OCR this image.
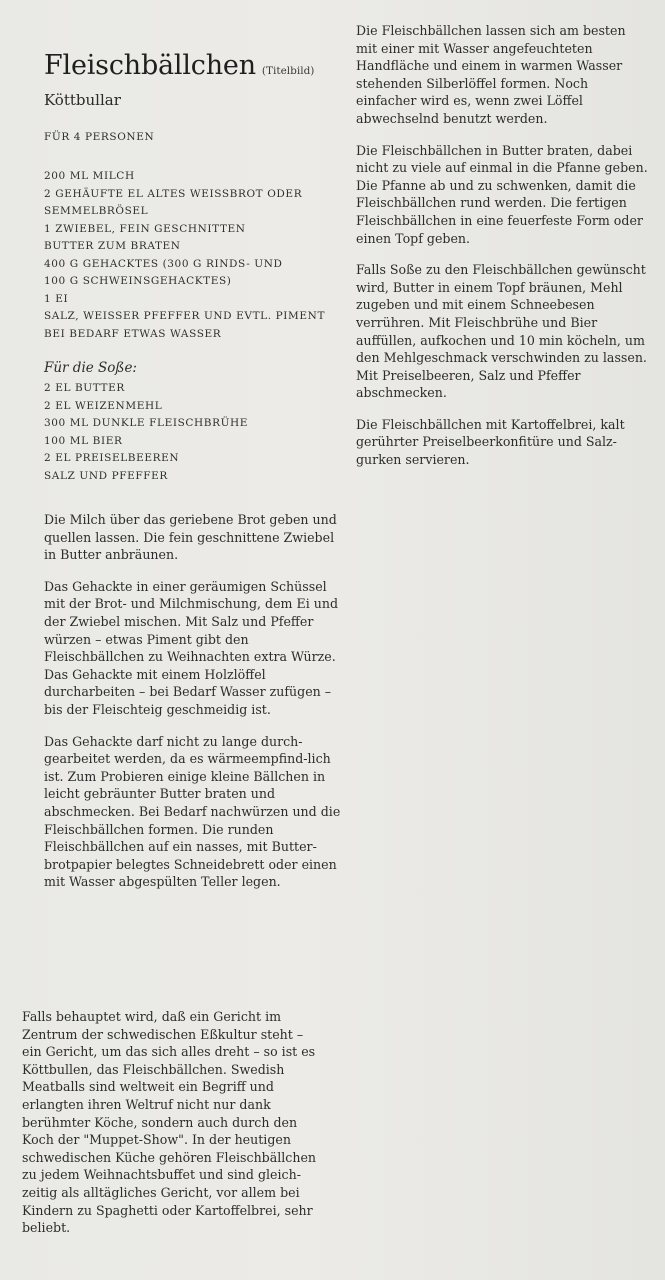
Fleischbällchen (Titelbild)
Köttbullar
FÜR 4 PERSONEN
200 ML MILCH
2 GEHÄUFTE EL ALTES WEISSBROT ODER
SEMMELBRÖSEL
1 ZWIEBEL, FEIN GESCHNITTEN
BUTTER ZUM BRATEN
400 G GEHACKTES (300 G RINDS- UND
100 G SCHWEINSGEHACKTES)
1 EI
SALZ, WEISSER PFEFFER UND EVTL. PIMENT
BEI BEDARF ETWAS WASSER
Für die Soße:
2 EL BUTTER
2 EL WEIZENMEHL
300 ML DUNKLE FLEISCHBRÜHE
100 ML BIER
2 EL PREISELBEEREN
SALZ UND PFEFFER

Die Milch über das geriebene Brot geben und quellen lassen. Die fein geschnittene Zwiebel in Butter anbräunen.

Das Gehackte in einer geräumigen Schüssel mit der Brot- und Milchmischung, dem Ei und der Zwiebel mischen. Mit Salz und Pfeffer würzen – etwas Piment gibt den Fleischbällchen zu Weihnachten extra Würze. Das Gehackte mit einem Holzlöffel durcharbeiten – bei Bedarf Wasser zufügen – bis der Fleischteig geschmeidig ist.

Das Gehackte darf nicht zu lange durch-gearbeitet werden, da es wärmeempfind-lich ist. Zum Probieren einige kleine Bällchen in leicht gebräunter Butter braten und abschmecken. Bei Bedarf nachwürzen und die Fleischbällchen formen. Die runden Fleischbällchen auf ein nasses, mit Butter-brotpapier belegtes Schneidebrett oder einen mit Wasser abgespülten Teller legen.

Falls behauptet wird, daß ein Gericht im Zentrum der schwedischen Eßkultur steht – ein Gericht, um das sich alles dreht – so ist es Köttbullen, das Fleischbällchen. Swedish Meatballs sind weltweit ein Begriff und erlangten ihren Weltruf nicht nur dank berühmter Köche, sondern auch durch den Koch der "Muppet-Show". In der heutigen schwedischen Küche gehören Fleischbällchen zu jedem Weihnachtsbuffet und sind gleich-zeitig als alltägliches Gericht, vor allem bei Kindern zu Spaghetti oder Kartoffelbrei, sehr beliebt.

Die Fleischbällchen lassen sich am besten mit einer mit Wasser angefeuchteten Handfläche und einem in warmen Wasser stehenden Silberlöffel formen. Noch einfacher wird es, wenn zwei Löffel abwechselnd benutzt werden.

Die Fleischbällchen in Butter braten, dabei nicht zu viele auf einmal in die Pfanne geben. Die Pfanne ab und zu schwenken, damit die Fleischbällchen rund werden. Die fertigen Fleischbällchen in eine feuerfeste Form oder einen Topf geben.

Falls Soße zu den Fleischbällchen gewünscht wird, Butter in einem Topf bräunen, Mehl zugeben und mit einem Schneebesen verrühren. Mit Fleischbrühe und Bier auffüllen, aufkochen und 10 min köcheln, um den Mehlgeschmack verschwinden zu lassen. Mit Preiselbeeren, Salz und Pfeffer abschmecken.

Die Fleischbällchen mit Kartoffelbrei, kalt gerührter Preiselbeerkonfitüre und Salz-gurken servieren.
